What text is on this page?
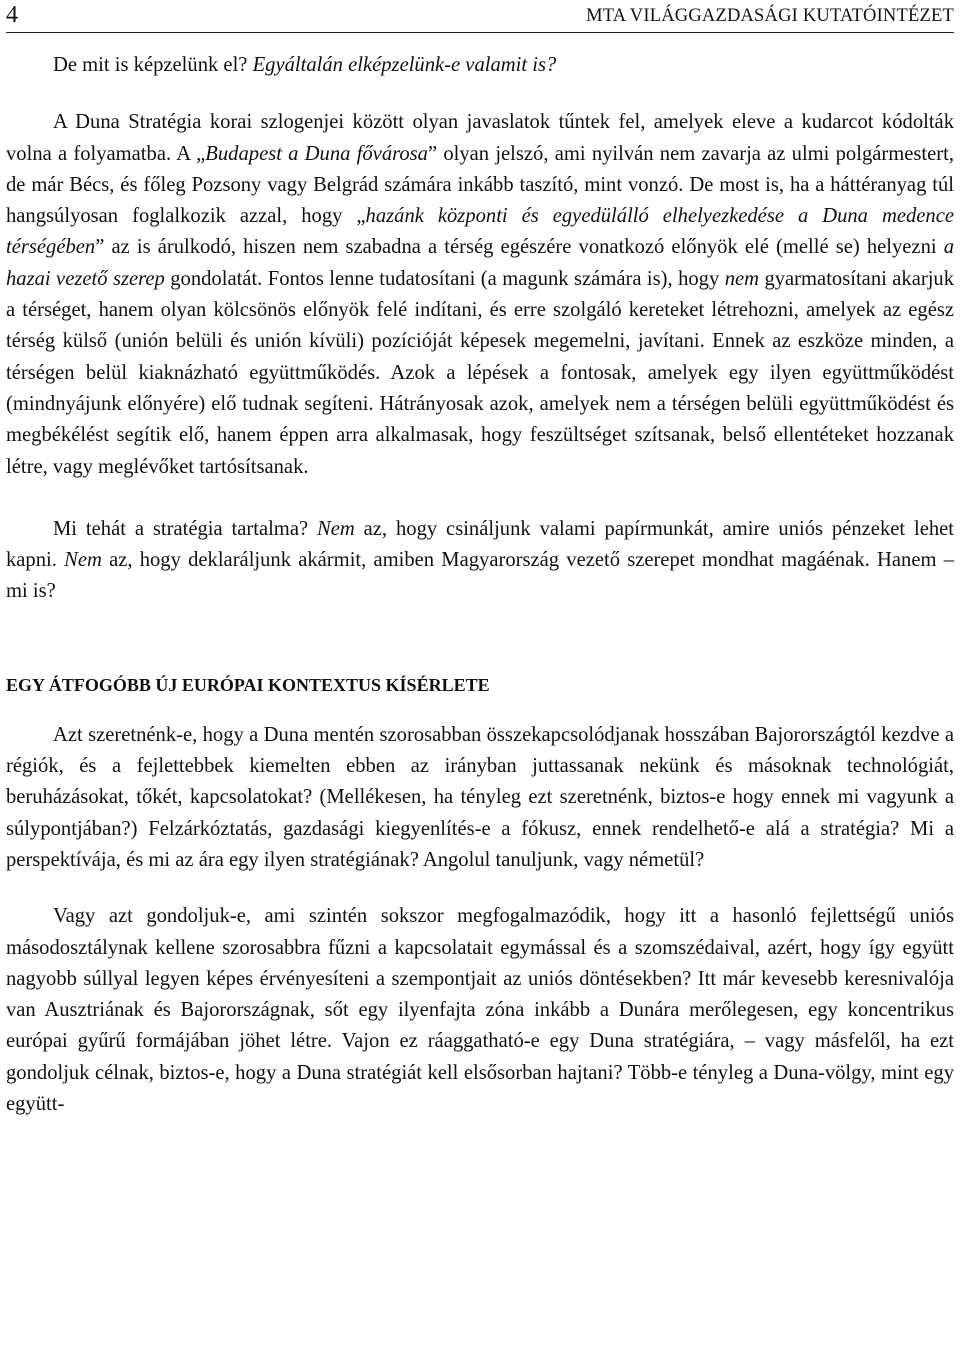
4	MTA VILÁGGAZDASÁGI KUTATÓINTÉZET

De mit is képzelünk el? Egyáltalán elképzelünk-e valamit is?

A Duna Stratégia korai szlogenjei között olyan javaslatok tűntek fel, amelyek eleve a kudarcot kódolták volna a folyamatba. A „Budapest a Duna fővárosa” olyan jelszó, ami nyilván nem zavarja az ulmi polgármestert, de már Bécs, és főleg Pozsony vagy Belgrád számára inkább taszító, mint vonzó. De most is, ha a háttéranyag túl hangsúlyosan foglalkozik azzal, hogy „hazánk központi és egyedülálló elhelyezkedése a Duna medence térségében” az is árulkodó, hiszen nem szabadna a térség egészére vonatkozó előnyök elé (mellé se) helyezni a hazai vezető szerep gondolatát. Fontos lenne tudatosítani (a magunk számára is), hogy nem gyarmatosítani akarjuk a térséget, hanem olyan kölcsönös előnyök felé indítani, és erre szolgáló kereteket létrehozni, amelyek az egész térség külső (unión belüli és unión kívüli) pozícióját képesek megemelni, javítani. Ennek az eszköze minden, a térségen belül kiaknázható együttműködés. Azok a lépések a fontosak, amelyek egy ilyen együttműködést (mindnyájunk előnyére) elő tudnak segíteni. Hátrányosak azok, amelyek nem a térségen belüli együttműködést és megbékélést segítik elő, hanem éppen arra alkalmasak, hogy feszültséget szítsanak, belső ellentéteket hozzanak létre, vagy meglévőket tartósítsanak.

Mi tehát a stratégia tartalma? Nem az, hogy csináljunk valami papírmunkát, amire uniós pénzeket lehet kapni. Nem az, hogy deklaráljunk akármit, amiben Magyarország vezető szerepet mondhat magáénak. Hanem – mi is?

EGY ÁTFOGÓBB ÚJ EURÓPAI KONTEXTUS KÍSÉRLETE

Azt szeretnénk-e, hogy a Duna mentén szorosabban összekapcsolódjanak hosszában Bajorországtól kezdve a régiók, és a fejlettebbek kiemelten ebben az irányban juttassanak nekünk és másoknak technológiát, beruházásokat, tőkét, kapcsolatokat? (Mellékesen, ha tényleg ezt szeretnénk, biztos-e hogy ennek mi vagyunk a súlypontjában?) Felzárkóztatás, gazdasági kiegyenlítés-e a fókusz, ennek rendelhető-e alá a stratégia? Mi a perspektívája, és mi az ára egy ilyen stratégiának? Angolul tanuljunk, vagy németül?

Vagy azt gondoljuk-e, ami szintén sokszor megfogalmazódik, hogy itt a hasonló fejlettségű uniós másodosztálynak kellene szorosabbra fűzni a kapcsolatait egymással és a szomszédaival, azért, hogy így együtt nagyobb súllyal legyen képes érvényesíteni a szempontjait az uniós döntésekben? Itt már kevesebb keresnivalója van Ausztriának és Bajorországnak, sőt egy ilyenfajta zóna inkább a Dunára merőlegesen, egy koncentrikus európai gyűrű formájában jöhet létre. Vajon ez ráaggatható-e egy Duna stratégiára, – vagy másfelől, ha ezt gondoljuk célnak, biztos-e, hogy a Duna stratégiát kell elsősorban hajtani? Több-e tényleg a Duna-völgy, mint egy együtt-
